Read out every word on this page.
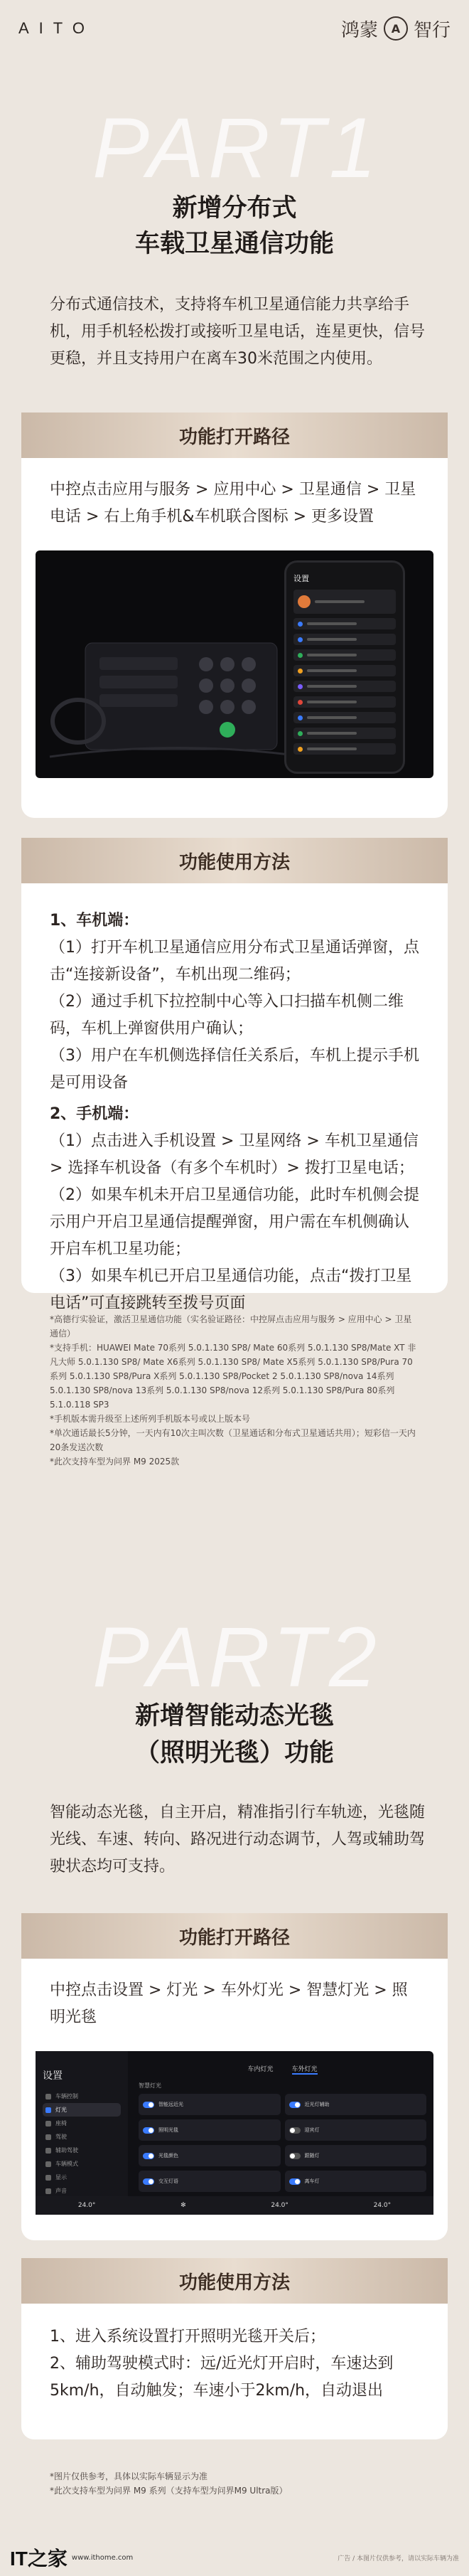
AITO	鸿蒙	A 智行
PART1
新增分布式
车载卫星通信功能
分布式通信技术，支持将车机卫星通信能力共享给手机，用手机轻松拨打或接听卫星电话，连星更快，信号更稳，并且支持用户在离车30米范围之内使用。
功能打开路径
中控点击应用与服务 > 应用中心 > 卫星通信 > 卫星电话 > 右上角手机&车机联合图标 > 更多设置
设置
功能使用方法
1、车机端：
（1）打开车机卫星通信应用分布式卫星通话弹窗，点击“连接新设备”，车机出现二维码；
（2）通过手机下拉控制中心等入口扫描车机侧二维码，车机上弹窗供用户确认；
（3）用户在车机侧选择信任关系后，车机上提示手机是可用设备
2、手机端：
（1）点击进入手机设置 > 卫星网络 > 车机卫星通信 > 选择车机设备（有多个车机时）> 拨打卫星电话；
（2）如果车机未开启卫星通信功能，此时车机侧会提示用户开启卫星通信提醒弹窗，用户需在车机侧确认开启车机卫星功能；
（3）如果车机已开启卫星通信功能，点击“拨打卫星电话”可直接跳转至拨号页面
*高德行实验证，激活卫星通信功能（实名验证路径：中控屏点击应用与服务 > 应用中心 > 卫星通信）
*支持手机：HUAWEI Mate 70系列 5.0.1.130 SP8/ Mate 60系列 5.0.1.130 SP8/Mate XT 非凡大师 5.0.1.130 SP8/ Mate X6系列 5.0.1.130 SP8/ Mate X5系列 5.0.1.130 SP8/Pura 70系列 5.0.1.130 SP8/Pura X系列 5.0.1.130 SP8/Pocket 2 5.0.1.130 SP8/nova 14系列 5.0.1.130 SP8/nova 13系列 5.0.1.130 SP8/nova 12系列 5.0.1.130 SP8/Pura 80系列 5.1.0.118 SP3
*手机版本需升级至上述所列手机版本号或以上版本号
*单次通话最长5分钟，一天内有10次主叫次数（卫星通话和分布式卫星通话共用）；短彩信一天内20条发送次数
*此次支持车型为问界 M9 2025款
PART2
新增智能动态光毯
（照明光毯）功能
智能动态光毯，自主开启，精准指引行车轨迹，光毯随光线、车速、转向、路况进行动态调节，人驾或辅助驾驶状态均可支持。
功能打开路径
中控点击设置 > 灯光 > 车外灯光 > 智慧灯光 > 照明光毯
设置
车辆控制
灯光
座椅
驾驶
辅助驾驶
车辆模式
显示
声音
车内灯光	车外灯光
智慧灯光
智能远近光	近光灯辅助
照明光毯	迎宾灯
光毯颜色	跟随灯
交互灯语	离车灯
24.0°	✻	24.0°	24.0°
功能使用方法
1、进入系统设置打开照明光毯开关后；
2、辅助驾驶模式时：远/近光灯开启时，车速达到5km/h，自动触发；车速小于2km/h，自动退出
*图片仅供参考，具体以实际车辆显示为准
*此次支持车型为问界 M9 系列（支持车型为问界M9 Ultra版）
IT之家 www.ithome.com	广告 / 本图片仅供参考，请以实际车辆为准
